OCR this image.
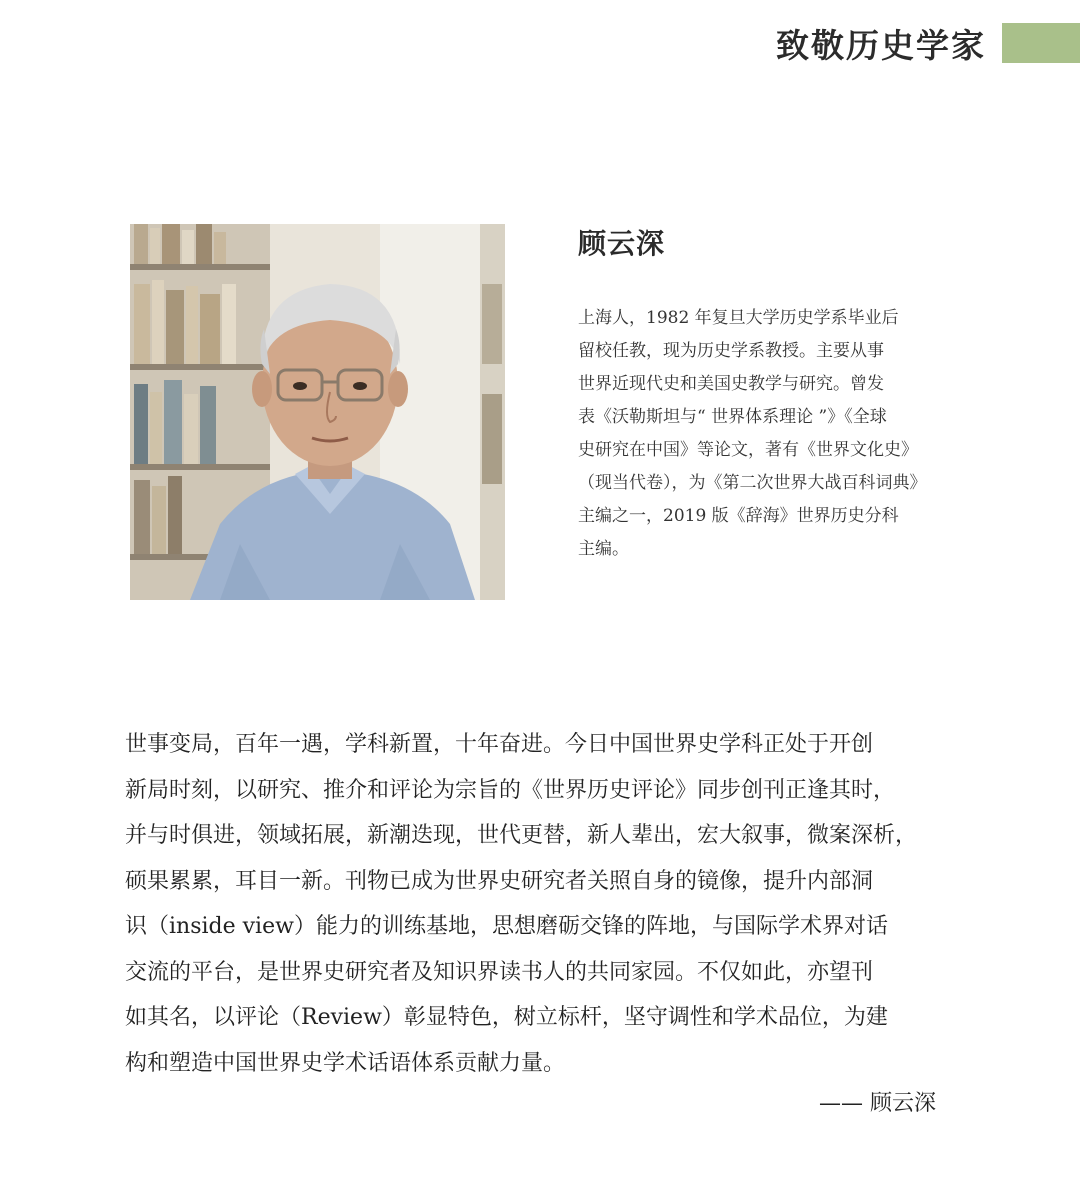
致敬历史学家
顾云深
上海人，1982 年复旦大学历史学系毕业后
留校任教，现为历史学系教授。主要从事
世界近现代史和美国史教学与研究。曾发
表《沃勒斯坦与“ 世界体系理论 ”》《全球
史研究在中国》等论文，著有《世界文化史》
（现当代卷），为《第二次世界大战百科词典》
主编之一，2019 版《辞海》世界历史分科
主编。
世事变局，百年一遇，学科新置，十年奋进。今日中国世界史学科正处于开创
新局时刻，以研究、推介和评论为宗旨的《世界历史评论》同步创刊正逢其时，
并与时俱进，领域拓展，新潮迭现，世代更替，新人辈出，宏大叙事，微案深析，
硕果累累，耳目一新。刊物已成为世界史研究者关照自身的镜像，提升内部洞
识（inside view）能力的训练基地，思想磨砺交锋的阵地，与国际学术界对话
交流的平台，是世界史研究者及知识界读书人的共同家园。不仅如此，亦望刊
如其名，以评论（Review）彰显特色，树立标杆，坚守调性和学术品位，为建
构和塑造中国世界史学术话语体系贡献力量。
—— 顾云深
